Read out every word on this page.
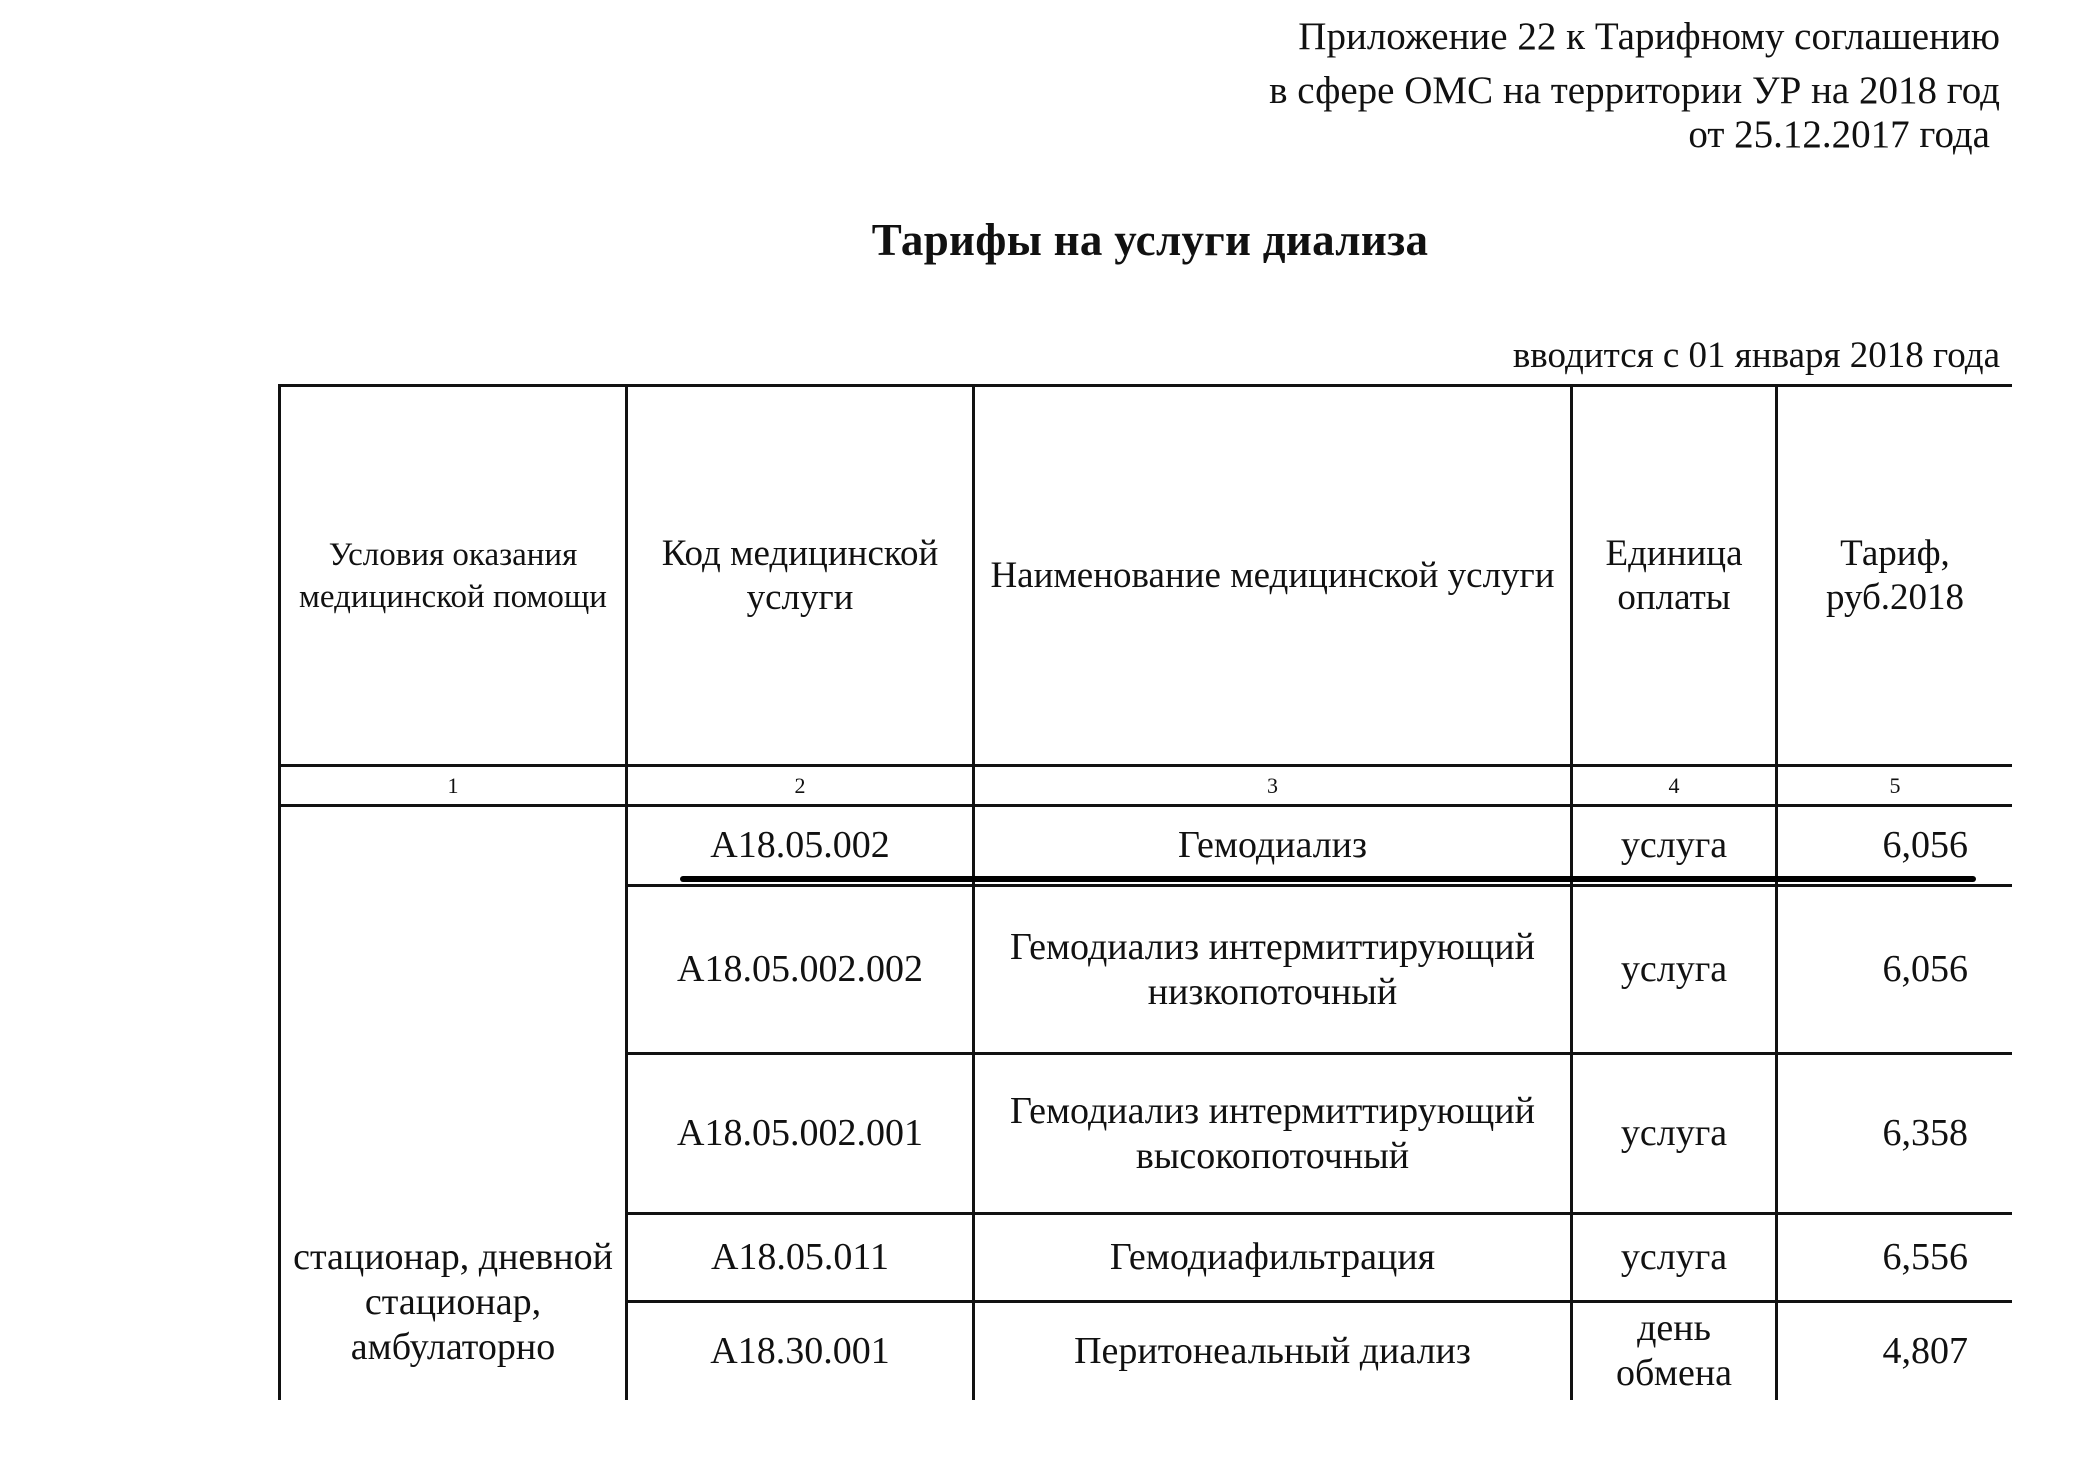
Приложение 22 к Тарифному соглашению
в сфере ОМС на территории УР на 2018 год
от 25.12.2017 года
Тарифы на услуги диализа
вводится с 01 января 2018 года
Условия оказания медицинской помощи	Код медицинской услуги	Наименование медицинской услуги	Единица оплаты	Тариф, руб.2018
1	2	3	4	5
стационар, дневной стационар, амбулаторно	A18.05.002	Гемодиализ	услуга	6,056
	A18.05.002.002	Гемодиализ интермиттирующий низкопоточный	услуга	6,056
	A18.05.002.001	Гемодиализ интермиттирующий высокопоточный	услуга	6,358
	A18.05.011	Гемодиафильтрация	услуга	6,556
	A18.30.001	Перитонеальный диализ	день обмена	4,807
